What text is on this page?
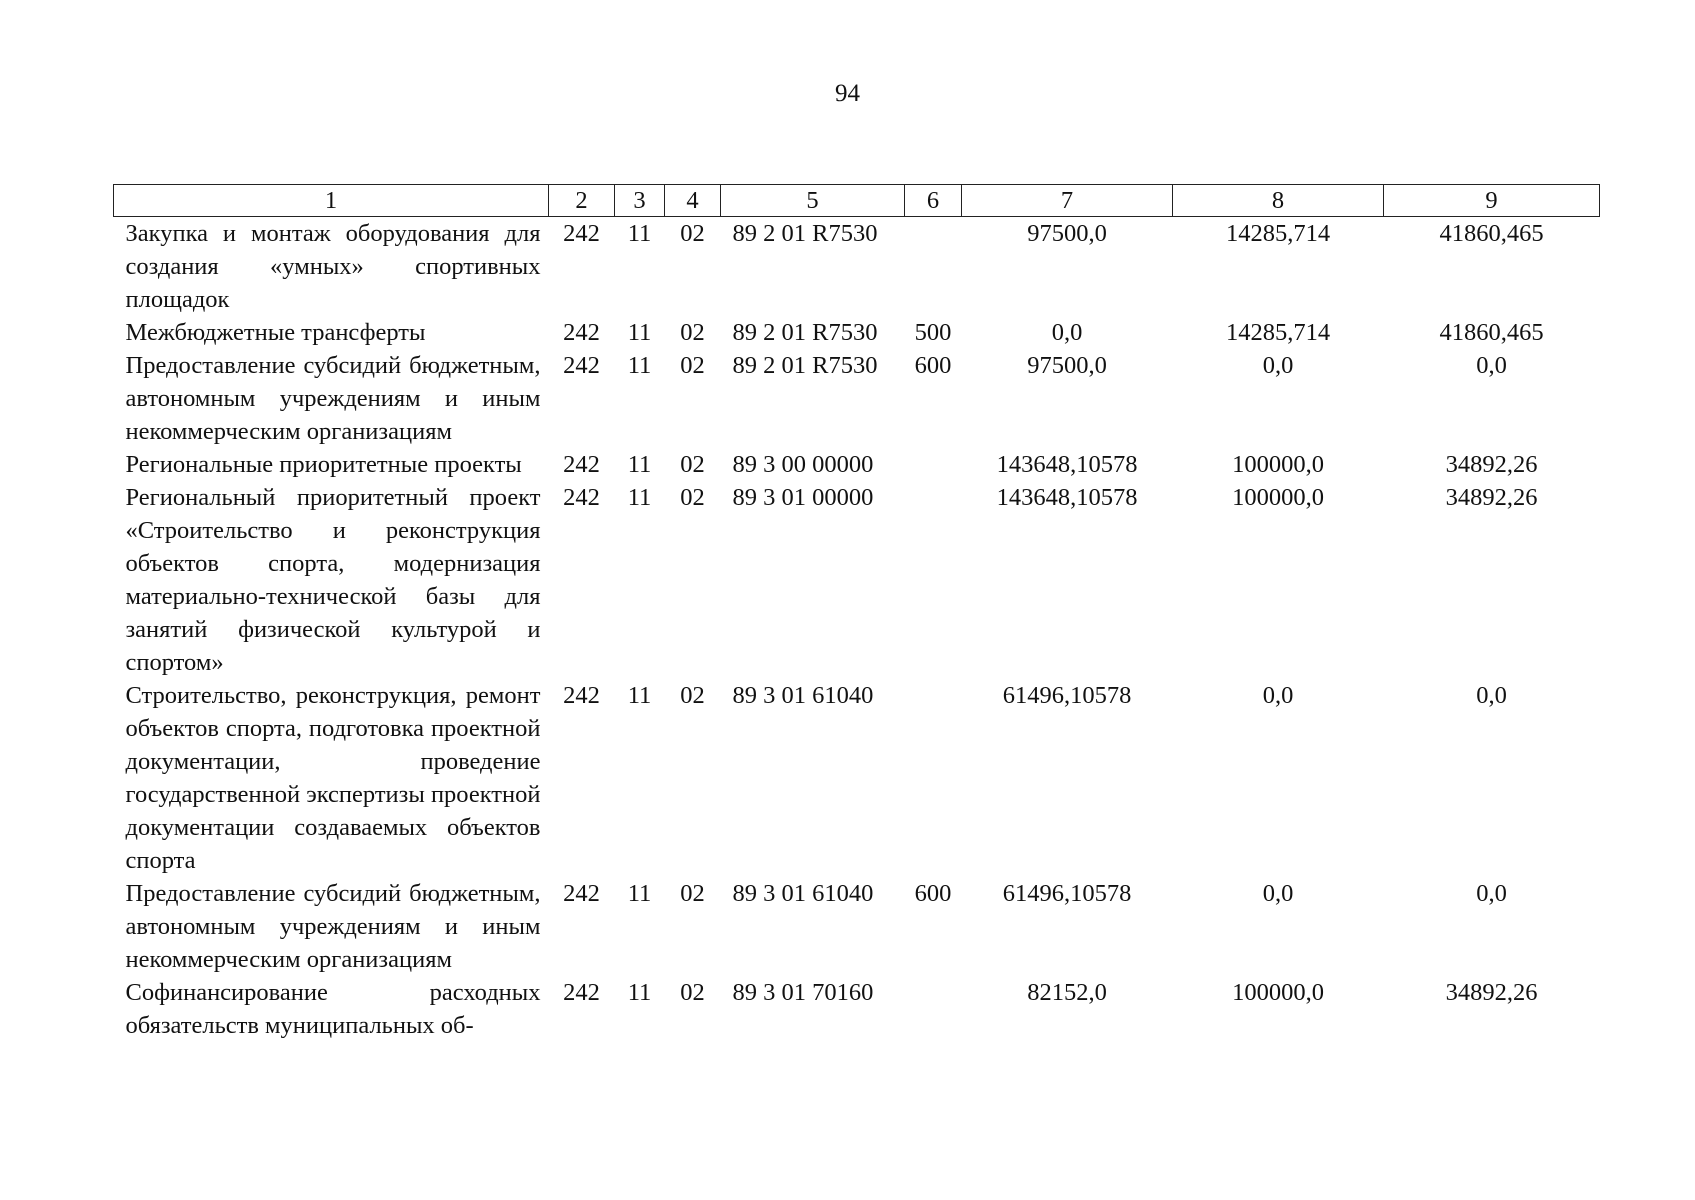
94
1	2	3	4	5	6	7	8	9
Закупка и монтаж оборудования для создания «умных» спортивных площадок	242	11	02	89 2 01 R7530		97500,0	14285,714	41860,465
Межбюджетные трансферты	242	11	02	89 2 01 R7530	500	0,0	14285,714	41860,465
Предоставление субсидий бюджетным, автономным учреждениям и иным некоммерческим организациям	242	11	02	89 2 01 R7530	600	97500,0	0,0	0,0
Региональные приоритетные проекты	242	11	02	89 3 00 00000		143648,10578	100000,0	34892,26
Региональный приоритетный проект «Строительство и реконструкция объектов спорта, модернизация материально-технической базы для занятий физической культурой и спортом»	242	11	02	89 3 01 00000		143648,10578	100000,0	34892,26
Строительство, реконструкция, ремонт объектов спорта, подготовка проектной документации, проведение государственной экспертизы проектной документации создаваемых объектов спорта	242	11	02	89 3 01 61040		61496,10578	0,0	0,0
Предоставление субсидий бюджетным, автономным учреждениям и иным некоммерческим организациям	242	11	02	89 3 01 61040	600	61496,10578	0,0	0,0
Софинансирование расходных обязательств муниципальных об-	242	11	02	89 3 01 70160		82152,0	100000,0	34892,26
